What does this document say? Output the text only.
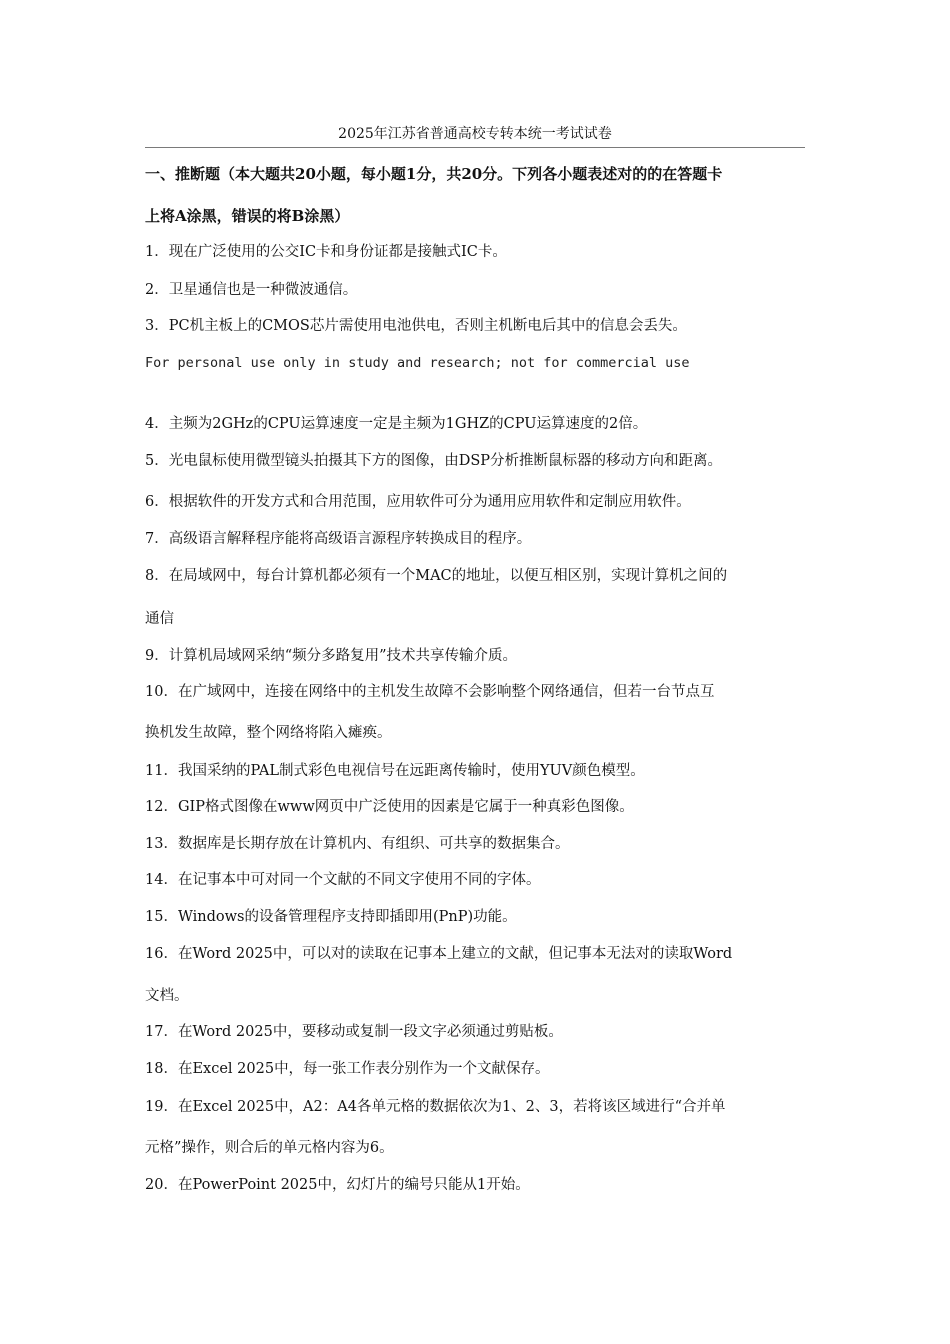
2025年江苏省普通高校专转本统一考试试卷
一、推断题（本大题共20小题，每小题1分，共20分。下列各小题表述对的的在答题卡
上将A涂黑，错误的将B涂黑）
1．现在广泛使用的公交IC卡和身份证都是接触式IC卡。
2．卫星通信也是一种微波通信。
3．PC机主板上的CMOS芯片需使用电池供电，否则主机断电后其中的信息会丢失。
For personal use only in study and research; not for commercial use
4．主频为2GHz的CPU运算速度一定是主频为1GHZ的CPU运算速度的2倍。
5．光电鼠标使用微型镜头拍摄其下方的图像，由DSP分析推断鼠标器的移动方向和距离。
6．根据软件的开发方式和合用范围，应用软件可分为通用应用软件和定制应用软件。
7．高级语言解释程序能将高级语言源程序转换成目的程序。
8．在局域网中，每台计算机都必须有一个MAC的地址，以便互相区别，实现计算机之间的
通信
9．计算机局域网采纳“频分多路复用”技术共享传输介质。
10．在广域网中，连接在网络中的主机发生故障不会影响整个网络通信，但若一台节点互
换机发生故障，整个网络将陷入瘫痪。
11．我国采纳的PAL制式彩色电视信号在远距离传输时，使用YUV颜色模型。
12．GIP格式图像在www网页中广泛使用的因素是它属于一种真彩色图像。
13．数据库是长期存放在计算机内、有组织、可共享的数据集合。
14．在记事本中可对同一个文献的不同文字使用不同的字体。
15．Windows的设备管理程序支持即插即用(PnP)功能。
16．在Word 2025中，可以对的读取在记事本上建立的文献，但记事本无法对的读取Word
文档。
17．在Word 2025中，要移动或复制一段文字必须通过剪贴板。
18．在Excel 2025中，每一张工作表分别作为一个文献保存。
19．在Excel 2025中，A2：A4各单元格的数据依次为1、2、3，若将该区域进行“合并单
元格”操作，则合后的单元格内容为6。
20．在PowerPoint 2025中，幻灯片的编号只能从1开始。
